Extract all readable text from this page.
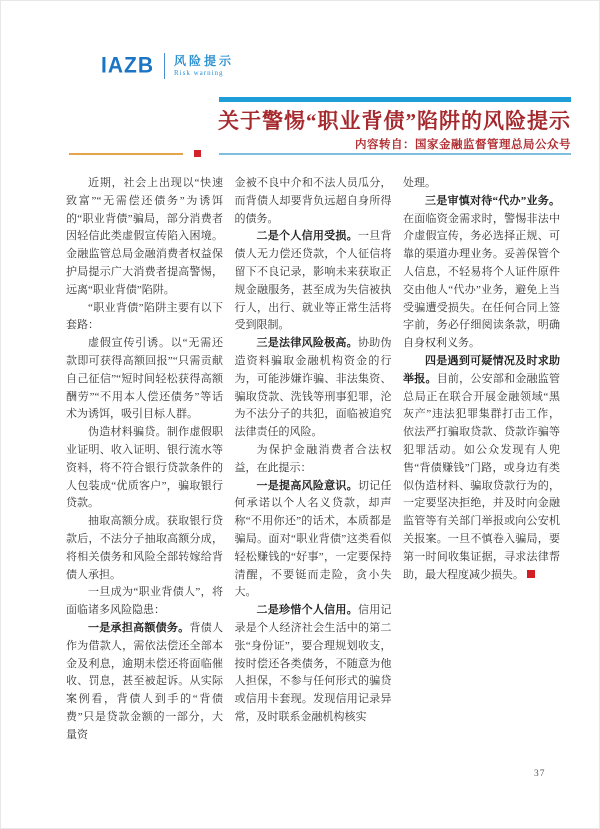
IAZB 风险提示
Risk warning
关于警惕“职业背债”陷阱的风险提示
内容转自：国家金融监督管理总局公众号

近期，社会上出现以“快速致富”“无需偿还债务”为诱饵的“职业背债”骗局，部分消费者因轻信此类虚假宣传陷入困境。金融监管总局金融消费者权益保护局提示广大消费者提高警惕，远离“职业背债”陷阱。

“职业背债”陷阱主要有以下套路：

虚假宣传引诱。以“无需还款即可获得高额回报”“只需贡献自己征信”“短时间轻松获得高额酬劳”“不用本人偿还债务”等话术为诱饵，吸引目标人群。

伪造材料骗贷。制作虚假职业证明、收入证明、银行流水等资料，将不符合银行贷款条件的人包装成“优质客户”，骗取银行贷款。

抽取高额分成。获取银行贷款后，不法分子抽取高额分成，将相关债务和风险全部转嫁给背债人承担。

一旦成为“职业背债人”，将面临诸多风险隐患：

一是承担高额债务。背债人作为借款人，需依法偿还全部本金及利息，逾期未偿还将面临催收、罚息，甚至被起诉。从实际案例看，背债人到手的“背债费”只是贷款金额的一部分，大量资

金被不良中介和不法人员瓜分，而背债人却要背负远超自身所得的债务。

二是个人信用受损。一旦背债人无力偿还贷款，个人征信将留下不良记录，影响未来获取正规金融服务，甚至成为失信被执行人，出行、就业等正常生活将受到限制。

三是法律风险极高。协助伪造资料骗取金融机构资金的行为，可能涉嫌诈骗、非法集资、骗取贷款、洗钱等刑事犯罪，沦为不法分子的共犯，面临被追究法律责任的风险。

为保护金融消费者合法权益，在此提示：

一是提高风险意识。切记任何承诺以个人名义贷款，却声称“不用你还”的话术，本质都是骗局。面对“职业背债”这类看似轻松赚钱的“好事”，一定要保持清醒，不要铤而走险，贪小失大。

二是珍惜个人信用。信用记录是个人经济社会生活中的第二张“身份证”，要合理规划收支，按时偿还各类债务，不随意为他人担保，不参与任何形式的骗贷或信用卡套现。发现信用记录异常，及时联系金融机构核实

处理。

三是审慎对待“代办”业务。在面临资金需求时，警惕非法中介虚假宣传，务必选择正规、可靠的渠道办理业务。妥善保管个人信息，不轻易将个人证件原件交由他人“代办”业务，避免上当受骗遭受损失。在任何合同上签字前，务必仔细阅读条款，明确自身权利义务。

四是遇到可疑情况及时求助举报。目前，公安部和金融监管总局正在联合开展金融领域“黑灰产”违法犯罪集群打击工作，依法严打骗取贷款、贷款诈骗等犯罪活动。如公众发现有人兜售“背债赚钱”门路，或身边有类似伪造材料、骗取贷款行为的，一定要坚决拒绝，并及时向金融监管等有关部门举报或向公安机关报案。一旦不慎卷入骗局，要第一时间收集证据，寻求法律帮助，最大程度减少损失。

37
